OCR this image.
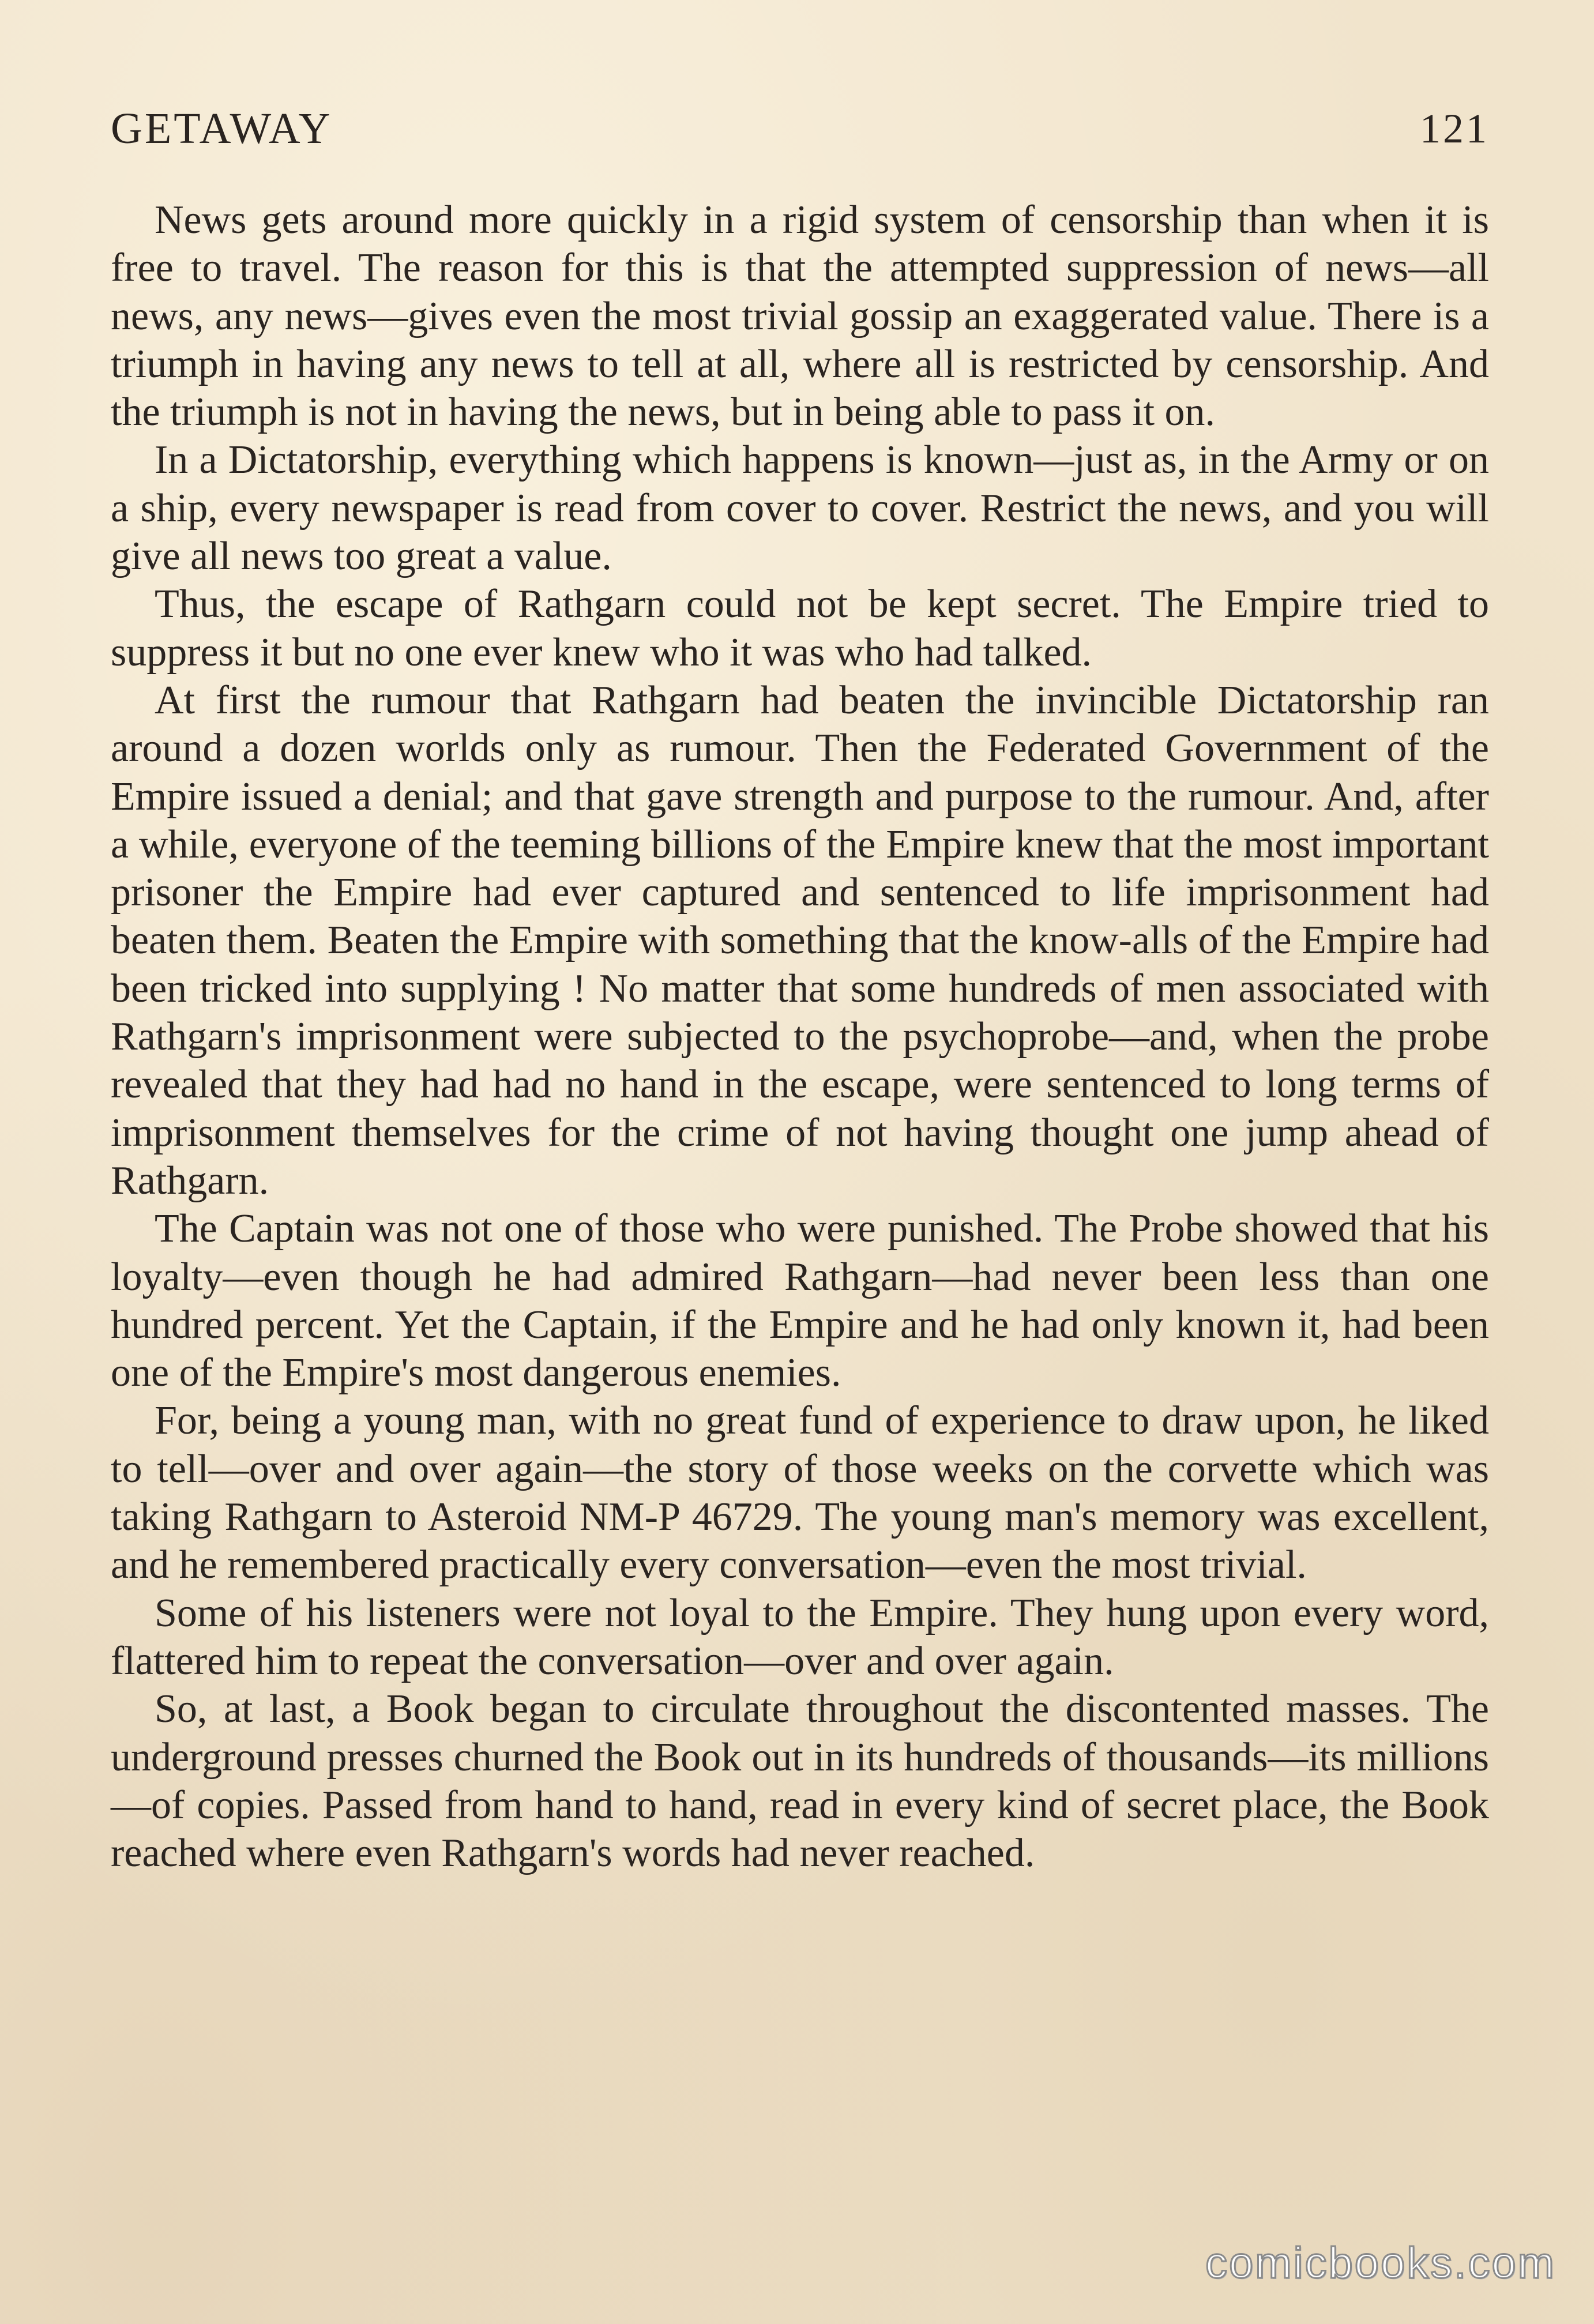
GETAWAY	121

News gets around more quickly in a rigid system of censorship than when it is free to travel. The reason for this is that the attempted suppression of news—all news, any news—gives even the most trivial gossip an exaggerated value. There is a triumph in having any news to tell at all, where all is restricted by censorship. And the triumph is not in having the news, but in being able to pass it on.

In a Dictatorship, everything which happens is known—just as, in the Army or on a ship, every newspaper is read from cover to cover. Restrict the news, and you will give all news too great a value.

Thus, the escape of Rathgarn could not be kept secret. The Empire tried to suppress it but no one ever knew who it was who had talked.

At first the rumour that Rathgarn had beaten the invincible Dictatorship ran around a dozen worlds only as rumour. Then the Federated Government of the Empire issued a denial; and that gave strength and purpose to the rumour. And, after a while, everyone of the teeming billions of the Empire knew that the most important prisoner the Empire had ever captured and sentenced to life imprisonment had beaten them. Beaten the Empire with something that the know-alls of the Empire had been tricked into supplying ! No matter that some hundreds of men associated with Rathgarn's imprisonment were subjected to the psychoprobe—and, when the probe revealed that they had had no hand in the escape, were sentenced to long terms of imprisonment themselves for the crime of not having thought one jump ahead of Rathgarn.

The Captain was not one of those who were punished. The Probe showed that his loyalty—even though he had admired Rathgarn—had never been less than one hundred percent. Yet the Captain, if the Empire and he had only known it, had been one of the Empire's most dangerous enemies.

For, being a young man, with no great fund of experience to draw upon, he liked to tell—over and over again—the story of those weeks on the corvette which was taking Rathgarn to Asteroid NM-P 46729. The young man's memory was excellent, and he remembered practically every conversation—even the most trivial.

Some of his listeners were not loyal to the Empire. They hung upon every word, flattered him to repeat the conversation—over and over again.

So, at last, a Book began to circulate throughout the discontented masses. The underground presses churned the Book out in its hundreds of thousands—its millions—of copies. Passed from hand to hand, read in every kind of secret place, the Book reached where even Rathgarn's words had never reached.

comicbooks.com
